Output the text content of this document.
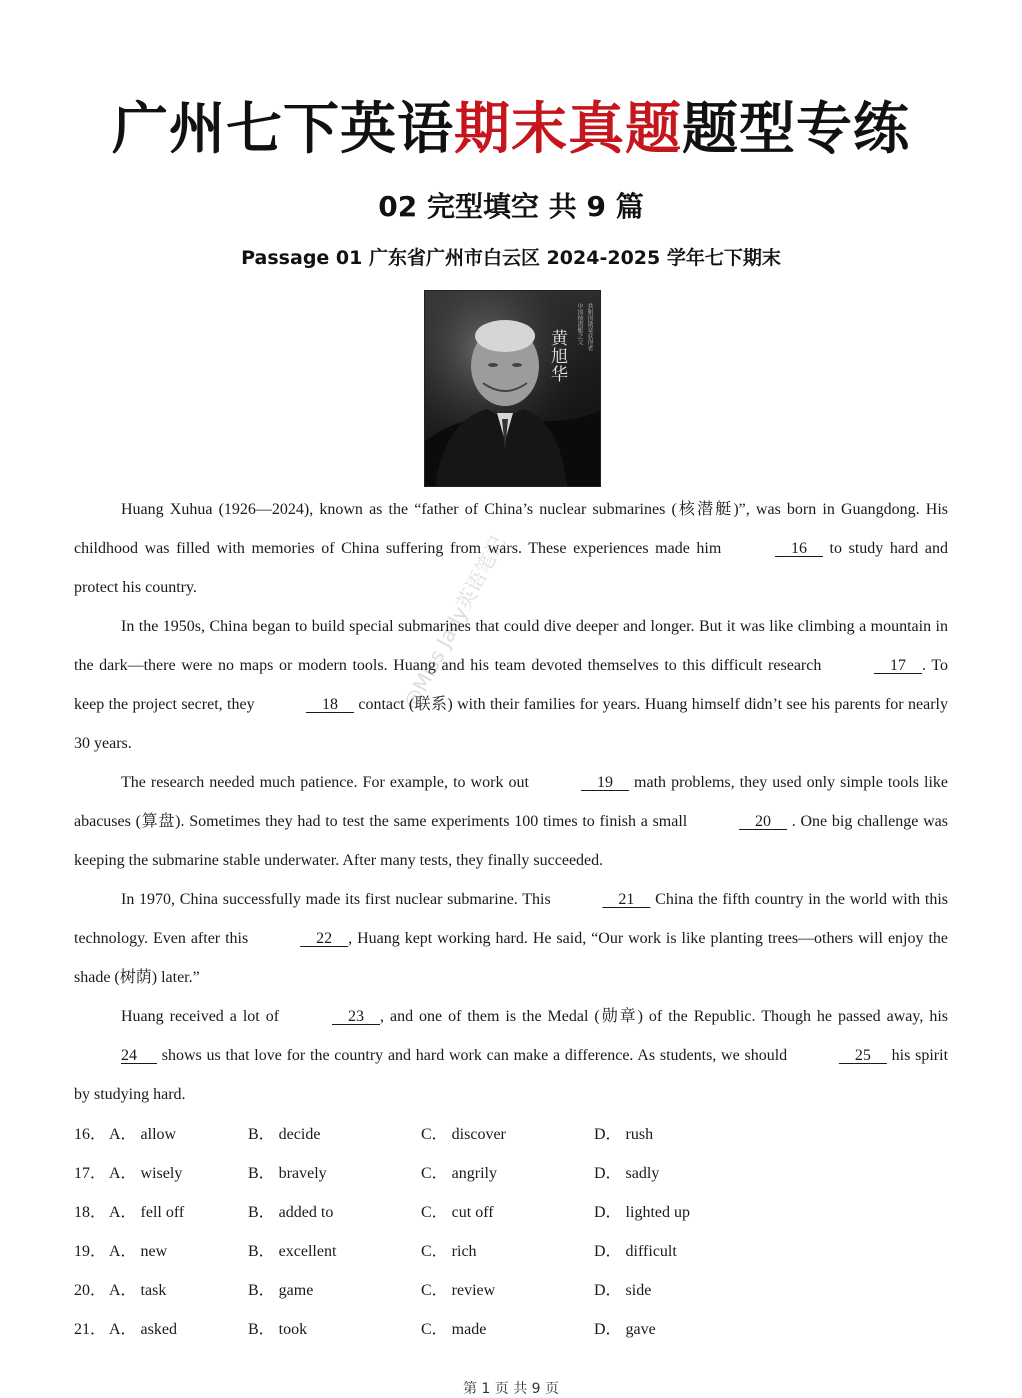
广州七下英语期末真题题型专练
02 完型填空 共 9 篇
Passage 01 广东省广州市白云区 2024-2025 学年七下期末
中国核潜艇之父 共和国勋章获得者
黄旭华
@Miss Jady英语笔记

Huang Xuhua (1926—2024), known as the “father of China’s nuclear submarines (核潜艇)”, was born in Guangdong. His childhood was filled with memories of China suffering from wars. These experiences made him	16     to study hard and protect his country.

In the 1950s, China began to build special submarines that could dive deeper and longer. But it was like climbing a mountain in the dark—there were no maps or modern tools. Huang and his team devoted themselves to this difficult research	17 . To keep the project secret, they	18     contact (联系) with their families for years. Huang himself didn’t see his parents for nearly 30 years.

The research needed much patience. For example, to work out	19     math problems, they used only simple tools like abacuses (算盘). Sometimes they had to test the same experiments 100 times to finish a small	20     . One big challenge was keeping the submarine stable underwater. After many tests, they finally succeeded.

In 1970, China successfully made its first nuclear submarine. This	21     China the fifth country in the world with this technology. Even after this	22 , Huang kept working hard. He said, “Our work is like planting trees—others will enjoy the shade (树荫) later.”

Huang received a lot of	23 , and one of them is the Medal (勋章) of the Republic. Though he passed away, his 24      shows us that love for the country and hard work can make a difference. As students, we should	25     his spirit by studying hard.

16． A． allow	B． decide	C． discover	D． rush
17． A． wisely	B． bravely	C． angrily	D． sadly
18． A． fell off	B． added to	C． cut off	D． lighted up
19． A． new	B． excellent	C． rich	D． difficult
20． A． task	B． game	C． review	D． side
21． A． asked	B． took	C． made	D． gave
第 1 页 共 9 页
